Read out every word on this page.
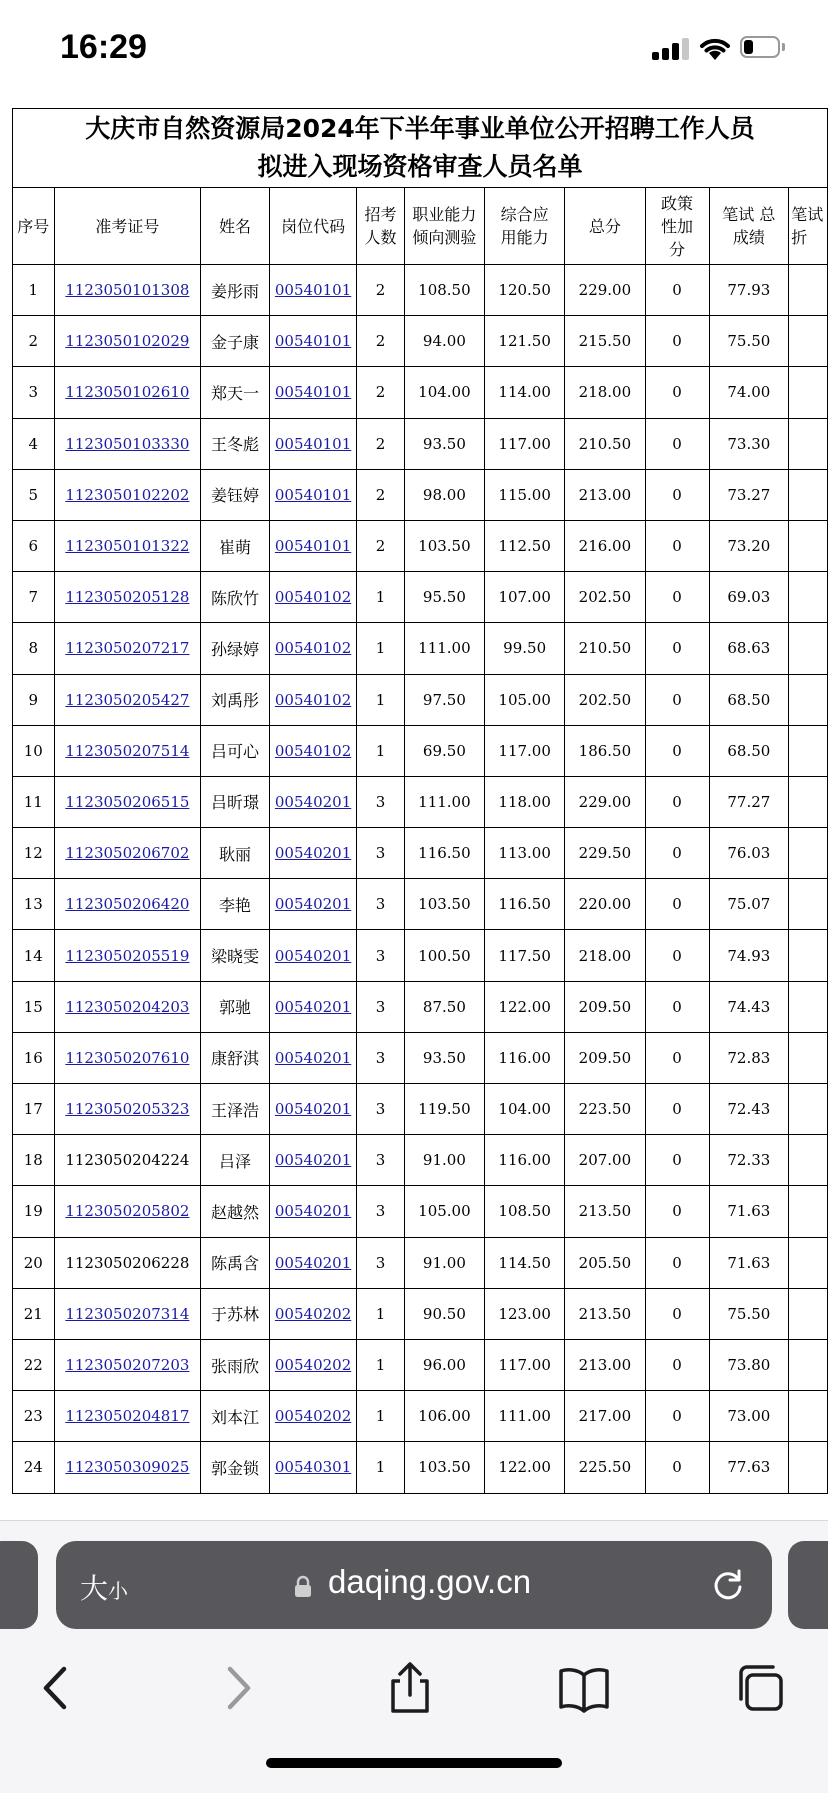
16:29
大庆市自然资源局2024年下半年事业单位公开招聘工作人员
拟进入现场资格审查人员名单										

序号	准考证号	姓名	岗位代码	招考人数	职业能力倾向测验	综合应用能力	总分	政策性加分	笔试 总成绩	笔试折
1	1123050101308	姜彤雨	00540101	2	108.50	120.50	229.00	0	77.93	
2	1123050102029	金子康	00540101	2	94.00	121.50	215.50	0	75.50	
3	1123050102610	郑天一	00540101	2	104.00	114.00	218.00	0	74.00	
4	1123050103330	王冬彪	00540101	2	93.50	117.00	210.50	0	73.30	
5	1123050102202	姜钰婷	00540101	2	98.00	115.00	213.00	0	73.27	
6	1123050101322	崔萌	00540101	2	103.50	112.50	216.00	0	73.20	
7	1123050205128	陈欣竹	00540102	1	95.50	107.00	202.50	0	69.03	
8	1123050207217	孙绿婷	00540102	1	111.00	99.50	210.50	0	68.63	
9	1123050205427	刘禹彤	00540102	1	97.50	105.00	202.50	0	68.50	
10	1123050207514	吕可心	00540102	1	69.50	117.00	186.50	0	68.50	
11	1123050206515	吕昕璟	00540201	3	111.00	118.00	229.00	0	77.27	
12	1123050206702	耿丽	00540201	3	116.50	113.00	229.50	0	76.03	
13	1123050206420	李艳	00540201	3	103.50	116.50	220.00	0	75.07	
14	1123050205519	梁晓雯	00540201	3	100.50	117.50	218.00	0	74.93	
15	1123050204203	郭驰	00540201	3	87.50	122.00	209.50	0	74.43	
16	1123050207610	康舒淇	00540201	3	93.50	116.00	209.50	0	72.83	
17	1123050205323	王泽浩	00540201	3	119.50	104.00	223.50	0	72.43	
18	1123050204224	吕泽	00540201	3	91.00	116.00	207.00	0	72.33	
19	1123050205802	赵越然	00540201	3	105.00	108.50	213.50	0	71.63	
20	1123050206228	陈禹含	00540201	3	91.00	114.50	205.50	0	71.63	
21	1123050207314	于苏林	00540202	1	90.50	123.00	213.50	0	75.50	
22	1123050207203	张雨欣	00540202	1	96.00	117.00	213.00	0	73.80	
23	1123050204817	刘本江	00540202	1	106.00	111.00	217.00	0	73.00	
24	1123050309025	郭金锁	00540301	1	103.50	122.00	225.50	0	77.63	
大小	daqing.gov.cn
